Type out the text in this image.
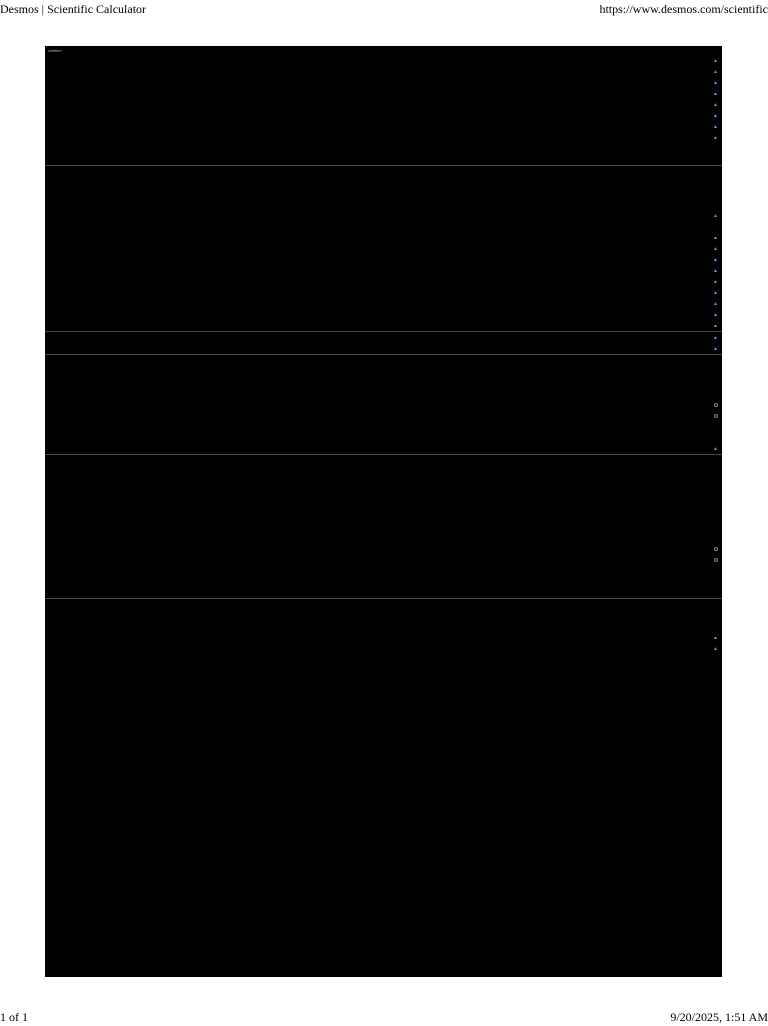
Desmos | Scientific Calculator	https://www.desmos.com/scientific
Untitled
▲
▲
▲
▲
▲
▲
▲
▲
▲
▲
▲
▲
▲
▲
▲
▲
▲
▲
▲
▲
▲
▲
▲
1 of 1	9/20/2025, 1:51 AM
